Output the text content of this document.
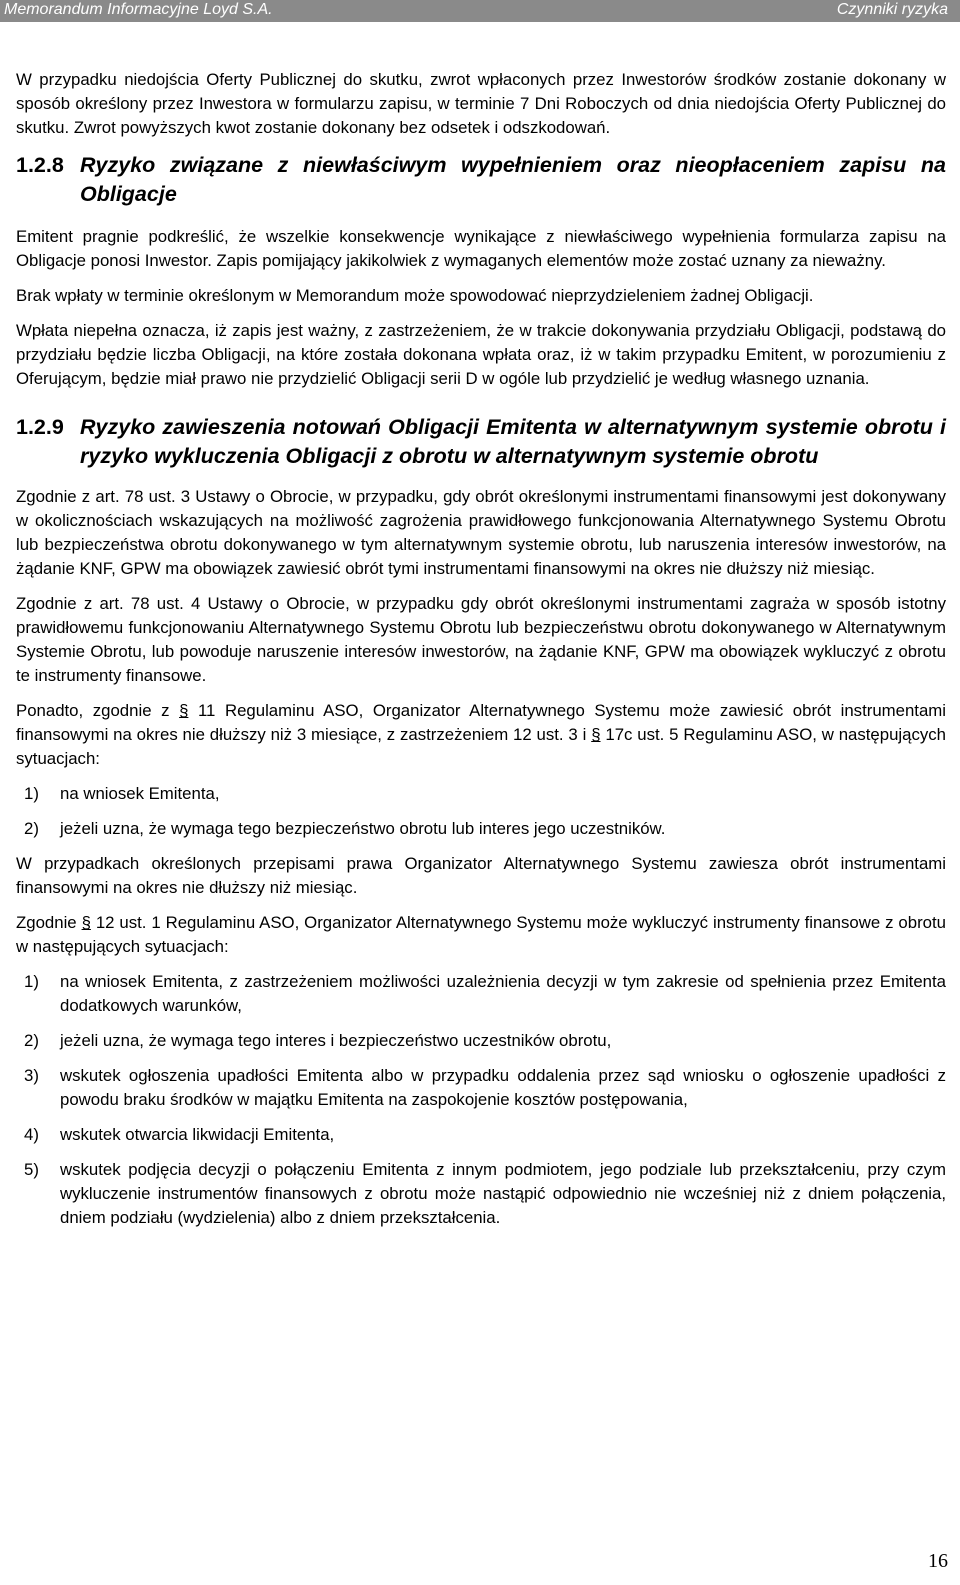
Memorandum Informacyjne Loyd S.A.	Czynniki ryzyka

W przypadku niedojścia Oferty Publicznej do skutku, zwrot wpłaconych przez Inwestorów środków zostanie dokonany w sposób określony przez Inwestora w formularzu zapisu, w terminie 7 Dni Roboczych od dnia niedojścia Oferty Publicznej do skutku. Zwrot powyższych kwot zostanie dokonany bez odsetek i odszkodowań.

1.2.8 Ryzyko związane z niewłaściwym wypełnieniem oraz nieopłaceniem zapisu na Obligacje

Emitent pragnie podkreślić, że wszelkie konsekwencje wynikające z niewłaściwego wypełnienia formularza zapisu na Obligacje ponosi Inwestor. Zapis pomijający jakikolwiek z wymaganych elementów może zostać uznany za nieważny.

Brak wpłaty w terminie określonym w Memorandum może spowodować nieprzydzieleniem żadnej Obligacji.

Wpłata niepełna oznacza, iż zapis jest ważny, z zastrzeżeniem, że w trakcie dokonywania przydziału Obligacji, podstawą do przydziału będzie liczba Obligacji, na które została dokonana wpłata oraz, iż w takim przypadku Emitent, w porozumieniu z Oferującym, będzie miał prawo nie przydzielić Obligacji serii D w ogóle lub przydzielić je według własnego uznania.

1.2.9 Ryzyko zawieszenia notowań Obligacji Emitenta w alternatywnym systemie obrotu i ryzyko wykluczenia Obligacji z obrotu w alternatywnym systemie obrotu

Zgodnie z art. 78 ust. 3 Ustawy o Obrocie, w przypadku, gdy obrót określonymi instrumentami finansowymi jest dokonywany w okolicznościach wskazujących na możliwość zagrożenia prawidłowego funkcjonowania Alternatywnego Systemu Obrotu lub bezpieczeństwa obrotu dokonywanego w tym alternatywnym systemie obrotu, lub naruszenia interesów inwestorów, na żądanie KNF, GPW ma obowiązek zawiesić obrót tymi instrumentami finansowymi na okres nie dłuższy niż miesiąc.

Zgodnie z art. 78 ust. 4 Ustawy o Obrocie, w przypadku gdy obrót określonymi instrumentami zagraża w sposób istotny prawidłowemu funkcjonowaniu Alternatywnego Systemu Obrotu lub bezpieczeństwu obrotu dokonywanego w Alternatywnym Systemie Obrotu, lub powoduje naruszenie interesów inwestorów, na żądanie KNF, GPW ma obowiązek wykluczyć z obrotu te instrumenty finansowe.

Ponadto, zgodnie z § 11 Regulaminu ASO, Organizator Alternatywnego Systemu może zawiesić obrót instrumentami finansowymi na okres nie dłuższy niż 3 miesiące, z zastrzeżeniem 12 ust. 3 i § 17c ust. 5 Regulaminu ASO, w następujących sytuacjach:

1)	na wniosek Emitenta,
2)	jeżeli uzna, że wymaga tego bezpieczeństwo obrotu lub interes jego uczestników.

W przypadkach określonych przepisami prawa Organizator Alternatywnego Systemu zawiesza obrót instrumentami finansowymi na okres nie dłuższy niż miesiąc.

Zgodnie § 12 ust. 1 Regulaminu ASO, Organizator Alternatywnego Systemu może wykluczyć instrumenty finansowe z obrotu w następujących sytuacjach:

1)	na wniosek Emitenta, z zastrzeżeniem możliwości uzależnienia decyzji w tym zakresie od spełnienia przez Emitenta dodatkowych warunków,
2)	jeżeli uzna, że wymaga tego interes i bezpieczeństwo uczestników obrotu,
3)	wskutek ogłoszenia upadłości Emitenta albo w przypadku oddalenia przez sąd wniosku o ogłoszenie upadłości z powodu braku środków w majątku Emitenta na zaspokojenie kosztów postępowania,
4)	wskutek otwarcia likwidacji Emitenta,
5)	wskutek podjęcia decyzji o połączeniu Emitenta z innym podmiotem, jego podziale lub przekształceniu, przy czym wykluczenie instrumentów finansowych z obrotu może nastąpić odpowiednio nie wcześniej niż z dniem połączenia, dniem podziału (wydzielenia) albo z dniem przekształcenia.
16
